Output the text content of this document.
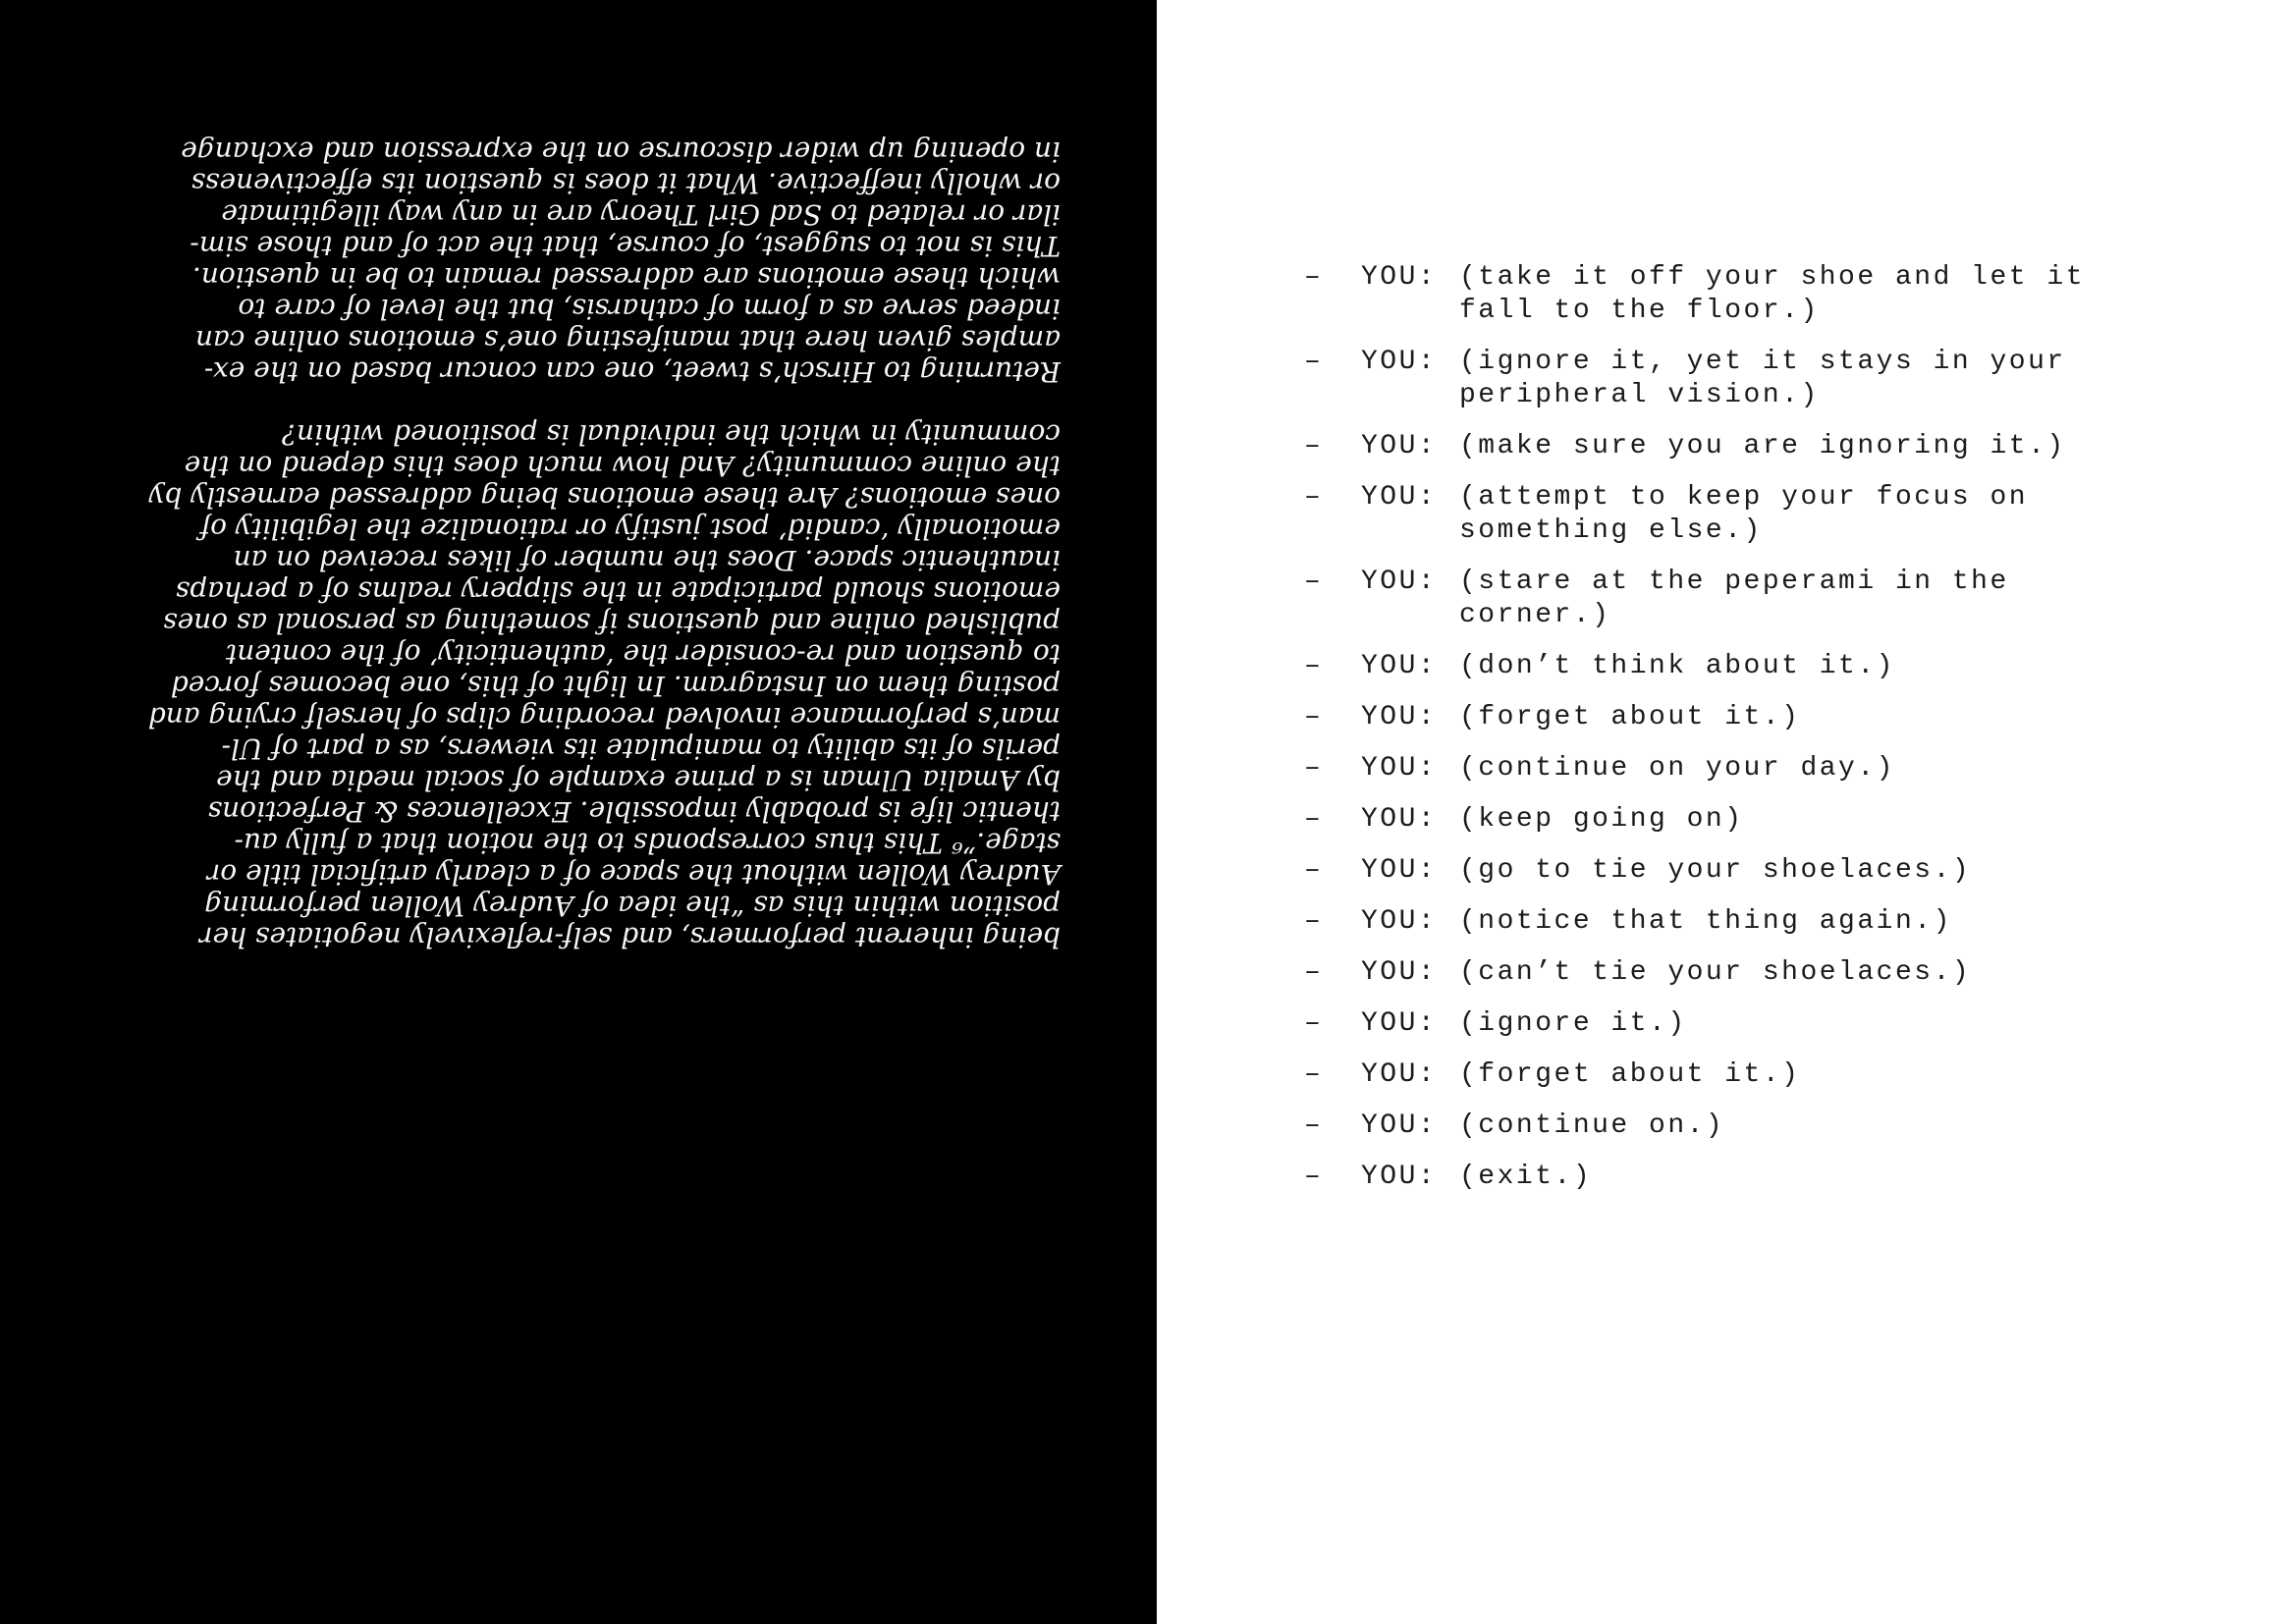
being inherent performers, and self-reflexively negotiates her
position within this as “the idea of Audrey Wollen performing
Audrey Wollen without the space of a clearly artificial title or
stage.”⁶ This thus corresponds to the notion that a fully au-
thentic life is probably impossible. Excellences & Perfections
by Amalia Ulman is a prime example of social media and the
perils of its ability to manipulate its viewers, as a part of Ul-
man’s performance involved recording clips of herself crying and
posting them on Instagram. In light of this, one becomes forced
to question and re-consider the ‘authenticity’ of the content
published online and questions if something as personal as ones
emotions should participate in the slippery realms of a perhaps
inauthentic space. Does the number of likes received on an
emotionally ‘candid’ post justify or rationalize the legibility of
ones emotions? Are these emotions being addressed earnestly by
the online community? And how much does this depend on the
community in which the individual is positioned within?
Returning to Hirsch’s tweet, one can concur based on the ex-
amples given here that manifesting one’s emotions online can
indeed serve as a form of catharsis, but the level of care to
which these emotions are addressed remain to be in question.
This is not to suggest, of course, that the act of and those sim-
ilar or related to Sad Girl Theory are in any way illegitimate
or wholly ineffective. What it does is question its effectiveness
in opening up wider discourse on the expression and exchange
–	YOU: (take it off your shoe and let it fall to the floor.)
–	YOU: (ignore it, yet it stays in your peripheral vision.)
–	YOU: (make sure you are ignoring it.)
–	YOU: (attempt to keep your focus on something else.)
–	YOU: (stare at the peperami in the corner.)
–	YOU: (don’t think about it.)
–	YOU: (forget about it.)
–	YOU: (continue on your day.)
–	YOU: (keep going on)
–	YOU: (go to tie your shoelaces.)
–	YOU: (notice that thing again.)
–	YOU: (can’t tie your shoelaces.)
–	YOU: (ignore it.)
–	YOU: (forget about it.)
–	YOU: (continue on.)
–	YOU: (exit.)
